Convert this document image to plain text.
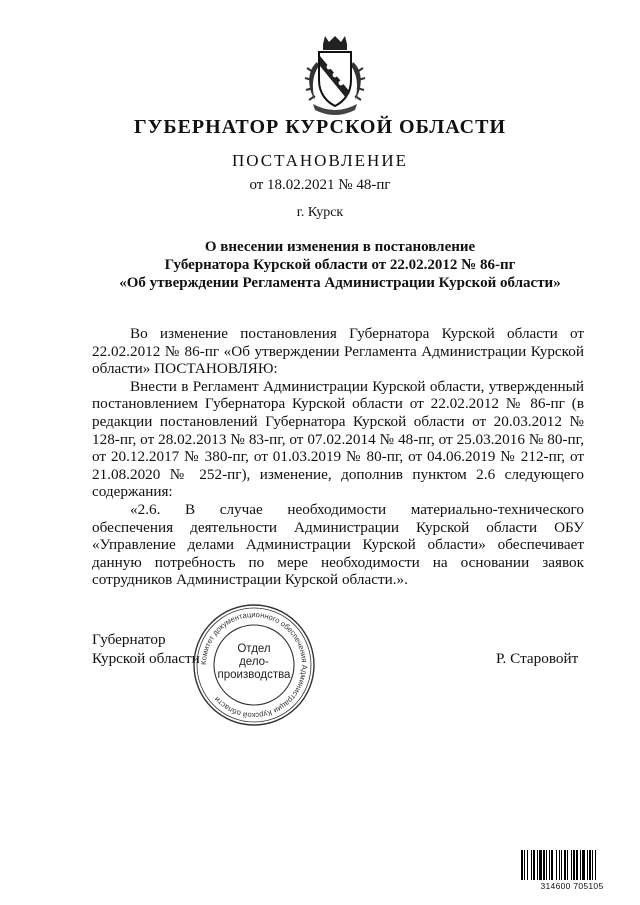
ГУБЕРНАТОР КУРСКОЙ ОБЛАСТИ
ПОСТАНОВЛЕНИЕ
от 18.02.2021 № 48-пг
г. Курск
О внесении изменения в постановление
Губернатора Курской области от 22.02.2012 № 86-пг
«Об утверждении Регламента Администрации Курской области»

Во изменение постановления Губернатора Курской области от 22.02.2012 № 86-пг «Об утверждении Регламента Администрации Курской области» ПОСТАНОВЛЯЮ:

Внести в Регламент Администрации Курской области, утвержденный постановлением Губернатора Курской области от 22.02.2012 № 86-пг (в редакции постановлений Губернатора Курской области от 20.03.2012 № 128-пг, от 28.02.2013 № 83-пг, от 07.02.2014 № 48-пг, от 25.03.2016 № 80-пг, от 20.12.2017 № 380-пг, от 01.03.2019 № 80-пг, от 04.06.2019 № 212-пг, от 21.08.2020 № 252-пг), изменение, дополнив пунктом 2.6 следующего содержания:

«2.6. В случае необходимости материально-технического обеспечения деятельности Администрации Курской области ОБУ «Управление делами Администрации Курской области» обеспечивает данную потребность по мере необходимости на основании заявок сотрудников Администрации Курской области.».

Губернатор
Курской области	Р. Старовойт
Комитет документационного обеспечения Администрации Курской области
Отдел
дело-
производства
314600 705105
